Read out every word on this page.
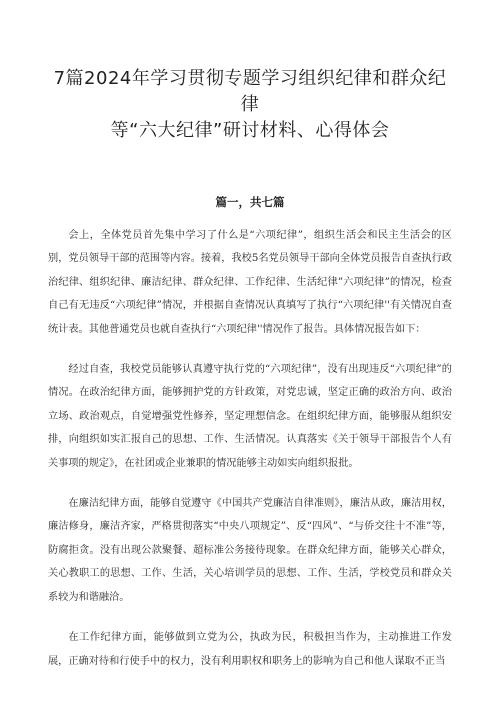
7篇2024年学习贯彻专题学习组织纪律和群众纪律
等“六大纪律”研讨材料、心得体会
篇一，共七篇

会上，全体党员首先集中学习了什么是“六项纪律”，组织生活会和民主生活会的区别，党员领导干部的范围等内容。接着，我校5名党员领导干部向全体党员报告自查执行政治纪律、组织纪律、廉洁纪律、群众纪律、工作纪律、生活纪律”六项纪律”的情况，检查自己有无违反“六项纪律”情况，并根据自查情况认真填写了执行“六项纪律''有关情况自查统计表。其他普通党员也就自查执行“六项纪律''情况作了报告。具体情况报告如下：

经过自查，我校党员能够认真遵守执行党的“六项纪律”，没有出现违反“六项纪律”的情况。在政治纪律方面，能够拥护党的方针政策，对党忠诚，坚定正确的政治方向、政治立场、政治观点，自觉增强党性修养，坚定理想信念。在组织纪律方面，能够服从组织安排，向组织如实汇报自己的思想、工作、生活情况。认真落实《关于领导干部报告个人有关事项的规定》，在社团或企业兼职的情况能够主动如实向组织报批。

在廉洁纪律方面，能够自觉遵守《中国共产党廉洁自律准则》，廉洁从政，廉洁用权，廉洁修身，廉洁齐家，严格贯彻落实“中央八项规定”、反“四风”、“与侨交往十不准”等，防腐拒贪。没有出现公款聚餐、超标准公务接待现象。在群众纪律方面，能够关心群众，关心教职工的思想、工作、生活，关心培训学员的思想、工作、生活，学校党员和群众关系较为和谐融洽。

在工作纪律方面，能够做到立党为公，执政为民，积极担当作为，主动推进工作发展，正确对待和行使手中的权力，没有利用职权和职务上的影响为自己和他人谋取不正当
